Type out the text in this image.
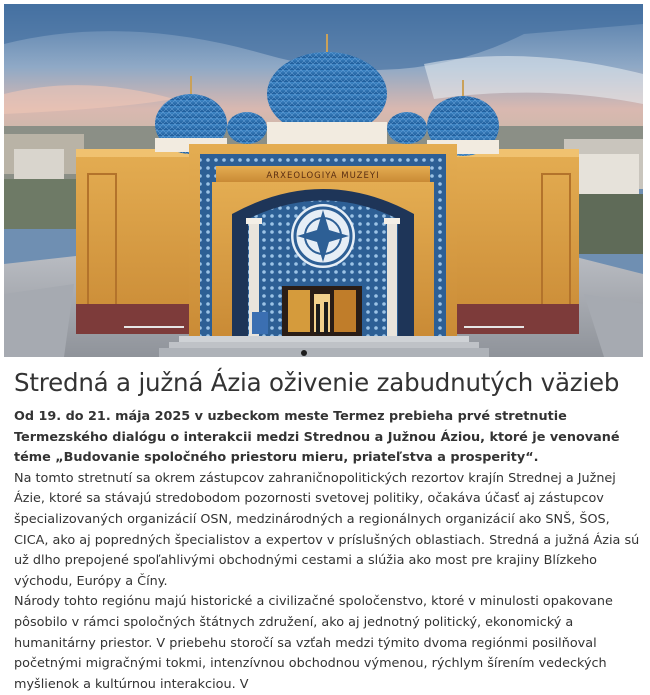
ARXEOLOGIYA MUZEYI
Stredná a južná Ázia oživenie zabudnutých väzieb

Od 19. do 21. mája 2025 v uzbeckom meste Termez prebieha prvé stretnutie Termezského dialógu o interakcii medzi Strednou a Južnou Áziou, ktoré je venované téme „Budovanie spoločného priestoru mieru, priateľstva a prosperity“.

Na tomto stretnutí sa okrem zástupcov zahraničnopolitických rezortov krajín Strednej a Južnej Ázie, ktoré sa stávajú stredobodom pozornosti svetovej politiky, očakáva účasť aj zástupcov špecializovaných organizácií OSN, medzinárodných a regionálnych organizácií ako SNŠ, ŠOS, CICA, ako aj popredných špecialistov a expertov v príslušných oblastiach. Stredná a južná Ázia sú už dlho prepojené spoľahlivými obchodnými cestami a slúžia ako most pre krajiny Blízkeho východu, Európy a Číny.

Národy tohto regiónu majú historické a civilizačné spoločenstvo, ktoré v minulosti opakovane pôsobilo v rámci spoločných štátnych združení, ako aj jednotný politický, ekonomický a humanitárny priestor. V priebehu storočí sa vzťah medzi týmito dvoma regiónmi posilňoval početnými migračnými tokmi, intenzívnou obchodnou výmenou, rýchlym šírením vedeckých myšlienok a kultúrnou interakciou. V
